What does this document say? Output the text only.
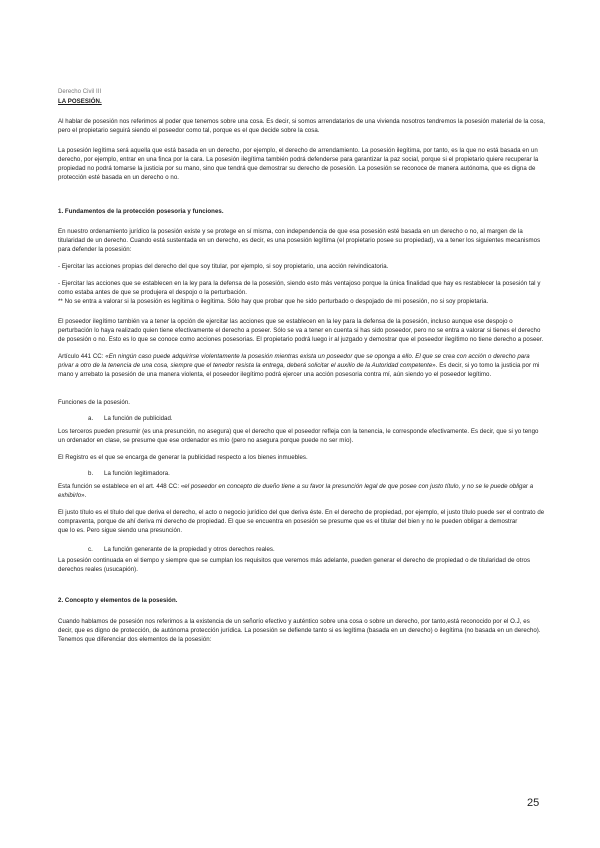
Derecho Civil III

LA POSESIÓN.

Al hablar de posesión nos referimos al poder que tenemos sobre una cosa. Es decir, si somos arrendatarios de una vivienda nosotros tendremos la posesión material de la cosa, pero el propietario seguirá siendo el poseedor como tal, porque es el que decide sobre la cosa.

La posesión legítima será aquella que está basada en un derecho, por ejemplo, el derecho de arrendamiento. La posesión ilegítima, por tanto, es la que no está basada en un derecho, por ejemplo, entrar en una finca por la cara. La posesión ilegítima también podrá defenderse para garantizar la paz social, porque si el propietario quiere recuperar la propiedad no podrá tomarse la justicia por su mano, sino que tendrá que demostrar su derecho de posesión. La posesión se reconoce de manera autónoma, que es digna de protección esté basada en un derecho o no.

1. Fundamentos de la protección posesoria y funciones.

En nuestro ordenamiento jurídico la posesión existe y se protege en sí misma, con independencia de que esa posesión esté basada en un derecho o no, al margen de la titularidad de un derecho. Cuando está sustentada en un derecho, es decir, es una posesión legítima (el propietario posee su propiedad), va a tener los siguientes mecanismos para defender la posesión:

- Ejercitar las acciones propias del derecho del que soy titular, por ejemplo, si soy propietario, una acción reivindicatoria.

- Ejercitar las acciones que se establecen en la ley para la defensa de la posesión, siendo esto más ventajoso porque la única finalidad que hay es restablecer la posesión tal y como estaba antes de que se produjera el despojo o la perturbación.

** No se entra a valorar si la posesión es legítima o ilegítima. Sólo hay que probar que he sido perturbado o despojado de mi posesión, no si soy propietaria.

El poseedor ilegítimo también va a tener la opción de ejercitar las acciones que se establecen en la ley para la defensa de la posesión, incluso aunque ese despojo o perturbación lo haya realizado quien tiene efectivamente el derecho a poseer. Sólo se va a tener en cuenta si has sido poseedor, pero no se entra a valorar si tienes el derecho de posesión o no. Esto es lo que se conoce como acciones posesorias. El propietario podrá luego ir al juzgado y demostrar que el poseedor ilegítimo no tiene derecho a poseer.

Artículo 441 CC: «En ningún caso puede adquirirse violentamente la posesión mientras exista un poseedor que se oponga a ello. El que se crea con acción o derecho para privar a otro de la tenencia de una cosa, siempre que el tenedor resista la entrega, deberá solicitar el auxilio de la Autoridad competente». Es decir, si yo tomo la justicia por mi mano y arrebato la posesión de una manera violenta, el poseedor ilegítimo podrá ejercer una acción posesoria contra mí, aún siendo yo el poseedor legítimo.

Funciones de la posesión.

a. La función de publicidad.

Los terceros pueden presumir (es una presunción, no asegura) que el derecho que el poseedor refleja con la tenencia, le corresponde efectivamente. Es decir, que si yo tengo un ordenador en clase, se presume que ese ordenador es mío (pero no asegura porque puede no ser mío).

El Registro es el que se encarga de generar la publicidad respecto a los bienes inmuebles.

b. La función legitimadora.

Esta función se establece en el art. 448 CC: «el poseedor en concepto de dueño tiene a su favor la presunción legal de que posee con justo título, y no se le puede obligar a exhibirlo».

El justo título es el título del que deriva el derecho, el acto o negocio jurídico del que deriva éste. En el derecho de propiedad, por ejemplo, el justo título puede ser el contrato de compraventa, porque de ahí deriva mi derecho de propiedad. El que se encuentra en posesión se presume que es el titular del bien y no le pueden obligar a demostrar

que lo es. Pero sigue siendo una presunción.

c. La función generante de la propiedad y otros derechos reales.

La posesión continuada en el tiempo y siempre que se cumplan los requisitos que veremos más adelante, pueden generar el derecho de propiedad o de titularidad de otros derechos reales (usucapión).

2. Concepto y elementos de la posesión.

Cuando hablamos de posesión nos referimos a la existencia de un señorío efectivo y auténtico sobre una cosa o sobre un derecho, por tanto,está reconocido por el O.J, es decir, que es digno de protección, de autónoma protección jurídica. La posesión se defiende tanto si es legítima (basada en un derecho) o ilegítima (no basada en un derecho). Tenemos que diferenciar dos elementos de la posesión:

25
